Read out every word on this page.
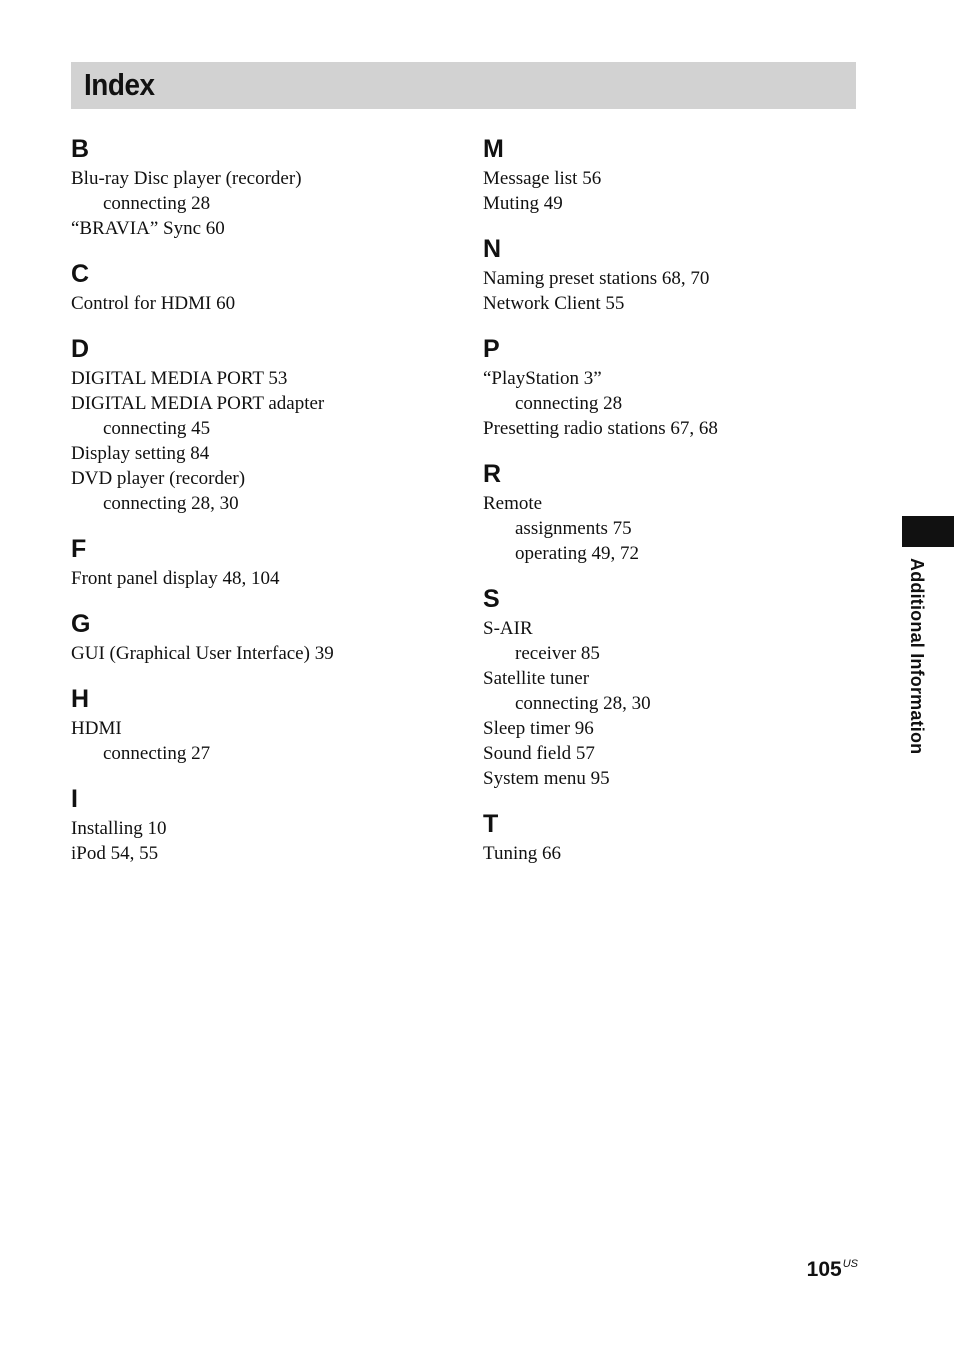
Index
B
Blu-ray Disc player (recorder)
connecting 28
“BRAVIA” Sync 60
C
Control for HDMI 60
D
DIGITAL MEDIA PORT 53
DIGITAL MEDIA PORT adapter
connecting 45
Display setting 84
DVD player (recorder)
connecting 28, 30
F
Front panel display 48, 104
G
GUI (Graphical User Interface) 39
H
HDMI
connecting 27
I
Installing 10
iPod 54, 55
M
Message list 56
Muting 49
N
Naming preset stations 68, 70
Network Client 55
P
“PlayStation 3”
connecting 28
Presetting radio stations 67, 68
R
Remote
assignments 75
operating 49, 72
S
S-AIR
receiver 85
Satellite tuner
connecting 28, 30
Sleep timer 96
Sound field 57
System menu 95
T
Tuning 66
Additional Information
$105^{US}$
